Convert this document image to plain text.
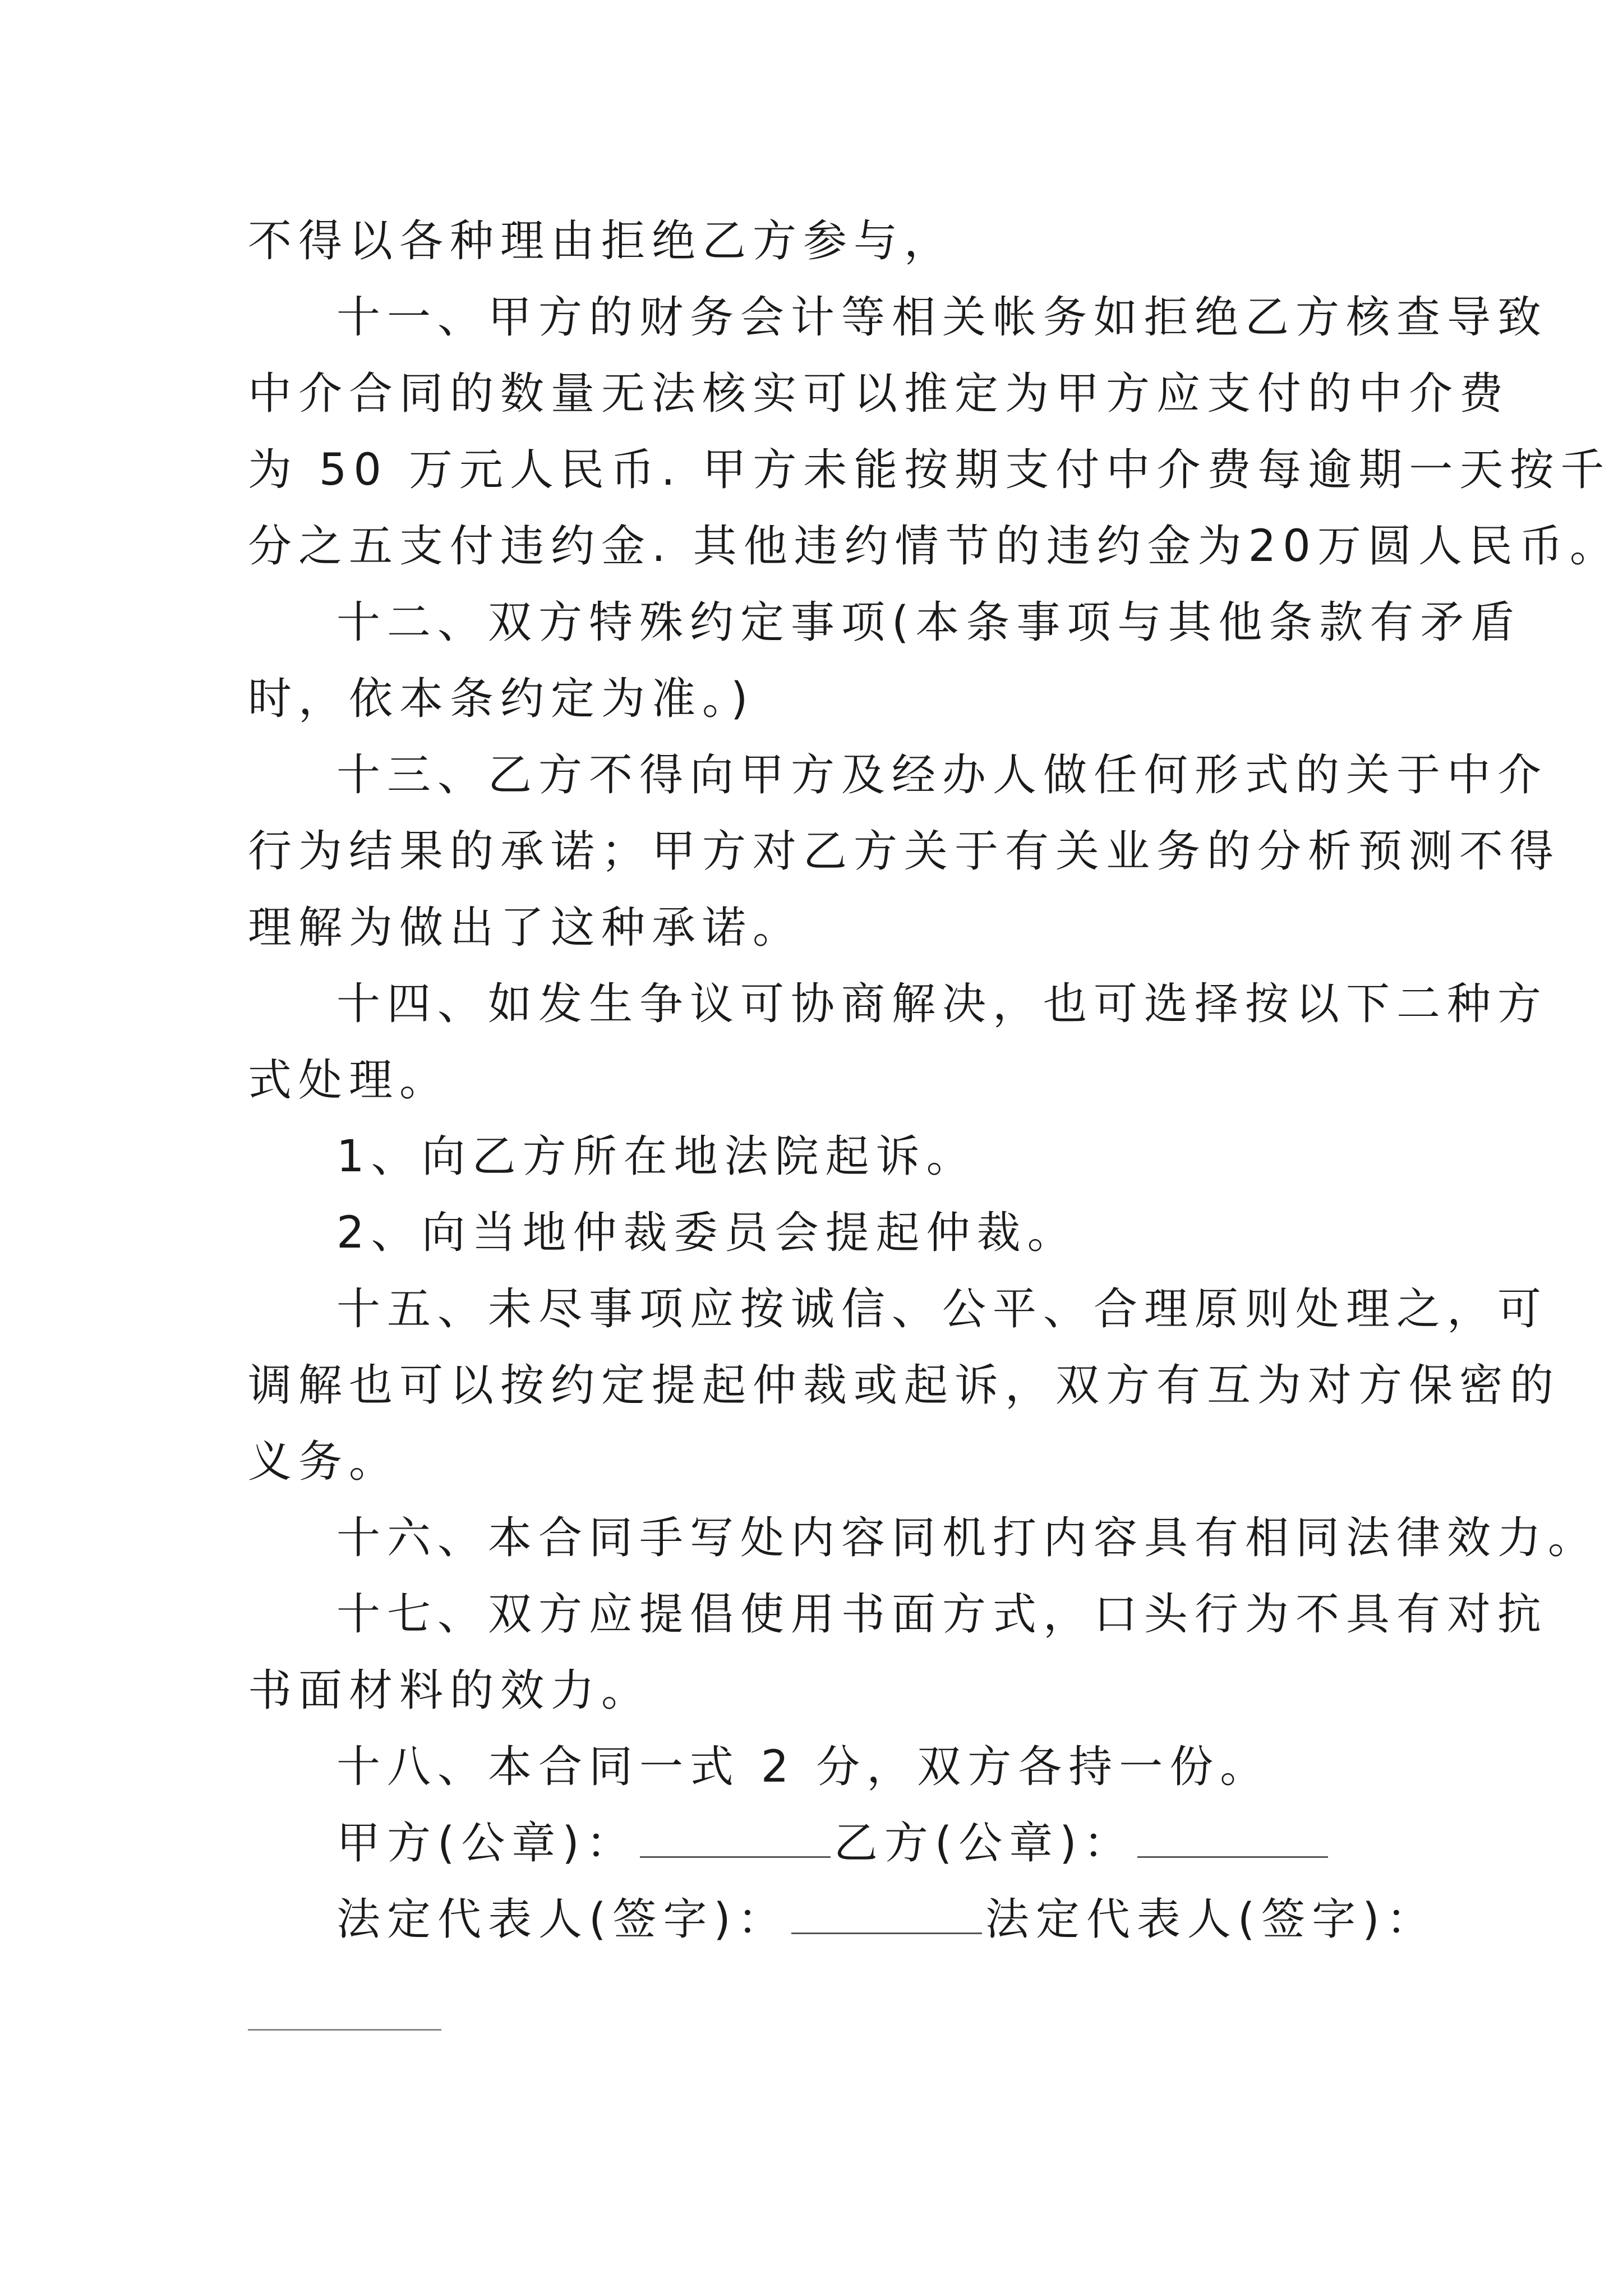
不得以各种理由拒绝乙方参与，
十一、甲方的财务会计等相关帐务如拒绝乙方核查导致
中介合同的数量无法核实可以推定为甲方应支付的中介费
为 50 万元人民币. 甲方未能按期支付中介费每逾期一天按千
分之五支付违约金. 其他违约情节的违约金为20万圆人民币。
十二、双方特殊约定事项(本条事项与其他条款有矛盾
时，依本条约定为准。)
十三、乙方不得向甲方及经办人做任何形式的关于中介
行为结果的承诺；甲方对乙方关于有关业务的分析预测不得
理解为做出了这种承诺。
十四、如发生争议可协商解决，也可选择按以下二种方
式处理。
1、向乙方所在地法院起诉。
2、向当地仲裁委员会提起仲裁。
十五、未尽事项应按诚信、公平、合理原则处理之，可
调解也可以按约定提起仲裁或起诉，双方有互为对方保密的
义务。
十六、本合同手写处内容同机打内容具有相同法律效力。
十七、双方应提倡使用书面方式，口头行为不具有对抗
书面材料的效力。
十八、本合同一式 2 分，双方各持一份。
甲方(公章)：	乙方(公章)：
法定代表人(签字)：	法定代表人(签字)：
